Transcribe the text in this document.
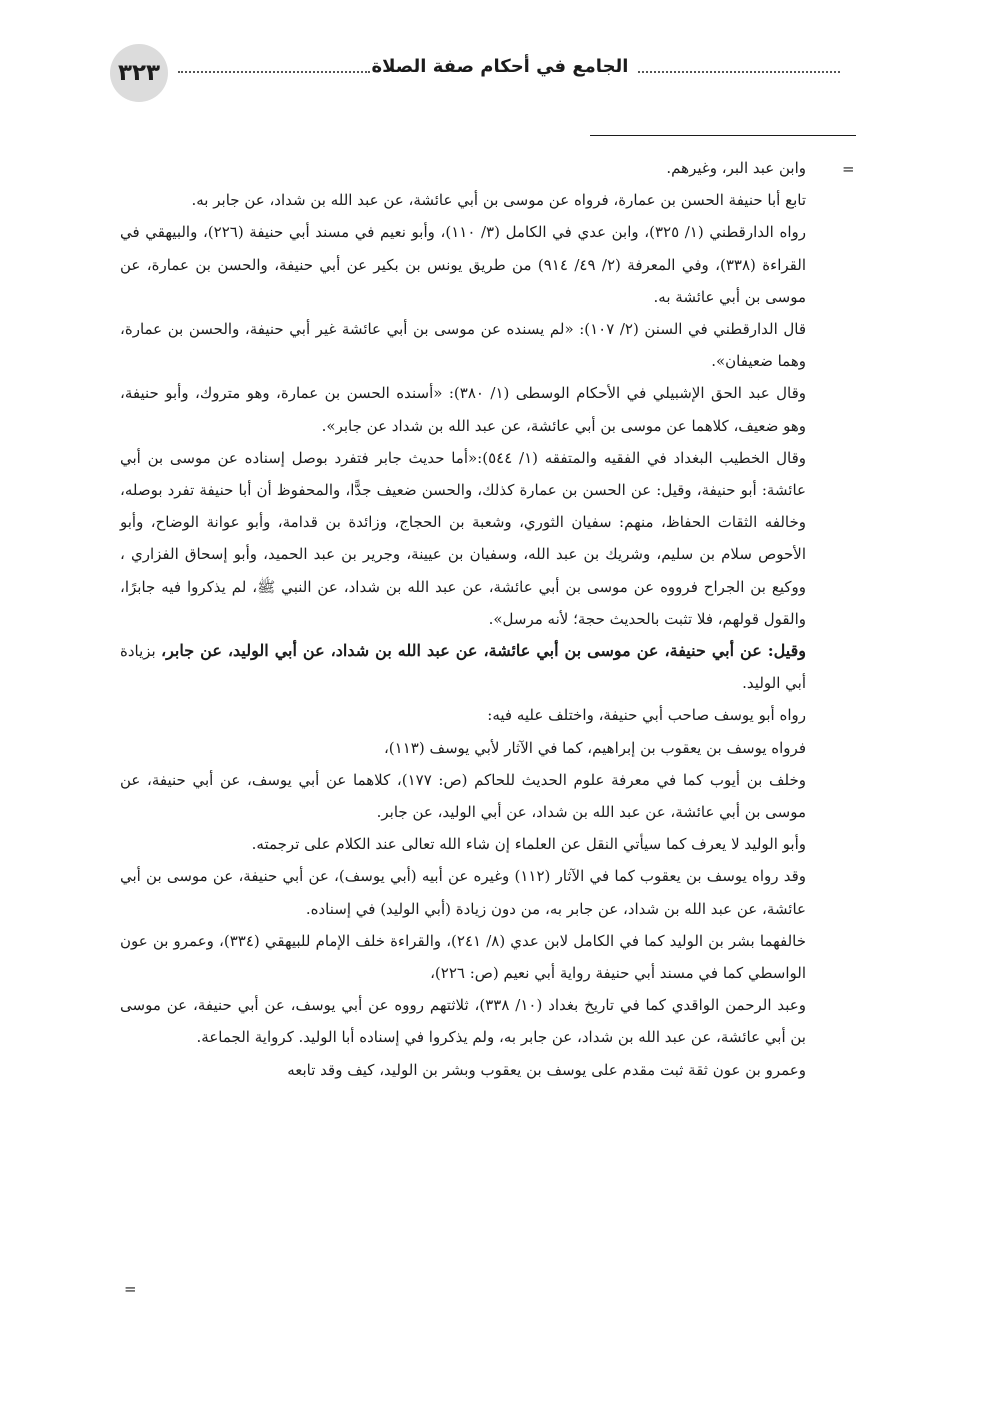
٣٢٣	الجامع في أحكام صفة الصلاة
=

وابن عبد البر، وغيرهم.

تابع أبا حنيفة الحسن بن عمارة، فرواه عن موسى بن أبي عائشة، عن عبد الله بن شداد، عن جابر به.

رواه الدارقطني (١/ ٣٢٥)، وابن عدي في الكامل (٣/ ١١٠)، وأبو نعيم في مسند أبي حنيفة (٢٢٦)، والبيهقي في القراءة (٣٣٨)، وفي المعرفة (٢/ ٤٩/ ٩١٤) من طريق يونس بن بكير عن أبي حنيفة، والحسن بن عمارة، عن موسى بن أبي عائشة به.

قال الدارقطني في السنن (٢/ ١٠٧): «لم يسنده عن موسى بن أبي عائشة غير أبي حنيفة، والحسن بن عمارة، وهما ضعيفان».

وقال عبد الحق الإشبيلي في الأحكام الوسطى (١/ ٣٨٠): «أسنده الحسن بن عمارة، وهو متروك، وأبو حنيفة، وهو ضعيف، كلاهما عن موسى بن أبي عائشة، عن عبد الله بن شداد عن جابر».

وقال الخطيب البغداد في الفقيه والمتفقه (١/ ٥٤٤):«أما حديث جابر فتفرد بوصل إسناده عن موسى بن أبي عائشة: أبو حنيفة، وقيل: عن الحسن بن عمارة كذلك، والحسن ضعيف جدًّا، والمحفوظ أن أبا حنيفة تفرد بوصله، وخالفه الثقات الحفاظ، منهم: سفيان الثوري، وشعبة بن الحجاج، وزائدة بن قدامة، وأبو عوانة الوضاح، وأبو الأحوص سلام بن سليم، وشريك بن عبد الله، وسفيان بن عيينة، وجرير بن عبد الحميد، وأبو إسحاق الفزاري ، ووكيع بن الجراح فرووه عن موسى بن أبي عائشة، عن عبد الله بن شداد، عن النبي ﷺ، لم يذكروا فيه جابرًا، والقول قولهم، فلا تثبت بالحديث حجة؛ لأنه مرسل».

وقيل: عن أبي حنيفة، عن موسى بن أبي عائشة، عن عبد الله بن شداد، عن أبي الوليد، عن جابر، بزيادة أبي الوليد.

رواه أبو يوسف صاحب أبي حنيفة، واختلف عليه فيه:

فرواه يوسف بن يعقوب بن إبراهيم، كما في الآثار لأبي يوسف (١١٣)،

وخلف بن أيوب كما في معرفة علوم الحديث للحاكم (ص: ١٧٧)، كلاهما عن أبي يوسف، عن أبي حنيفة، عن موسى بن أبي عائشة، عن عبد الله بن شداد، عن أبي الوليد، عن جابر.

وأبو الوليد لا يعرف كما سيأتي النقل عن العلماء إن شاء الله تعالى عند الكلام على ترجمته.

وقد رواه يوسف بن يعقوب كما في الآثار (١١٢) وغيره عن أبيه (أبي يوسف)، عن أبي حنيفة، عن موسى بن أبي عائشة، عن عبد الله بن شداد، عن جابر به، من دون زيادة (أبي الوليد) في إسناده.

خالفهما بشر بن الوليد كما في الكامل لابن عدي (٨/ ٢٤١)، والقراءة خلف الإمام للبيهقي (٣٣٤)، وعمرو بن عون الواسطي كما في مسند أبي حنيفة رواية أبي نعيم (ص: ٢٢٦)،

وعبد الرحمن الواقدي كما في تاريخ بغداد (١٠/ ٣٣٨)، ثلاثتهم رووه عن أبي يوسف، عن أبي حنيفة، عن موسى بن أبي عائشة، عن عبد الله بن شداد، عن جابر به، ولم يذكروا في إسناده أبا الوليد. كرواية الجماعة.

وعمرو بن عون ثقة ثبت مقدم على يوسف بن يعقوب وبشر بن الوليد، كيف وقد تابعه

=
